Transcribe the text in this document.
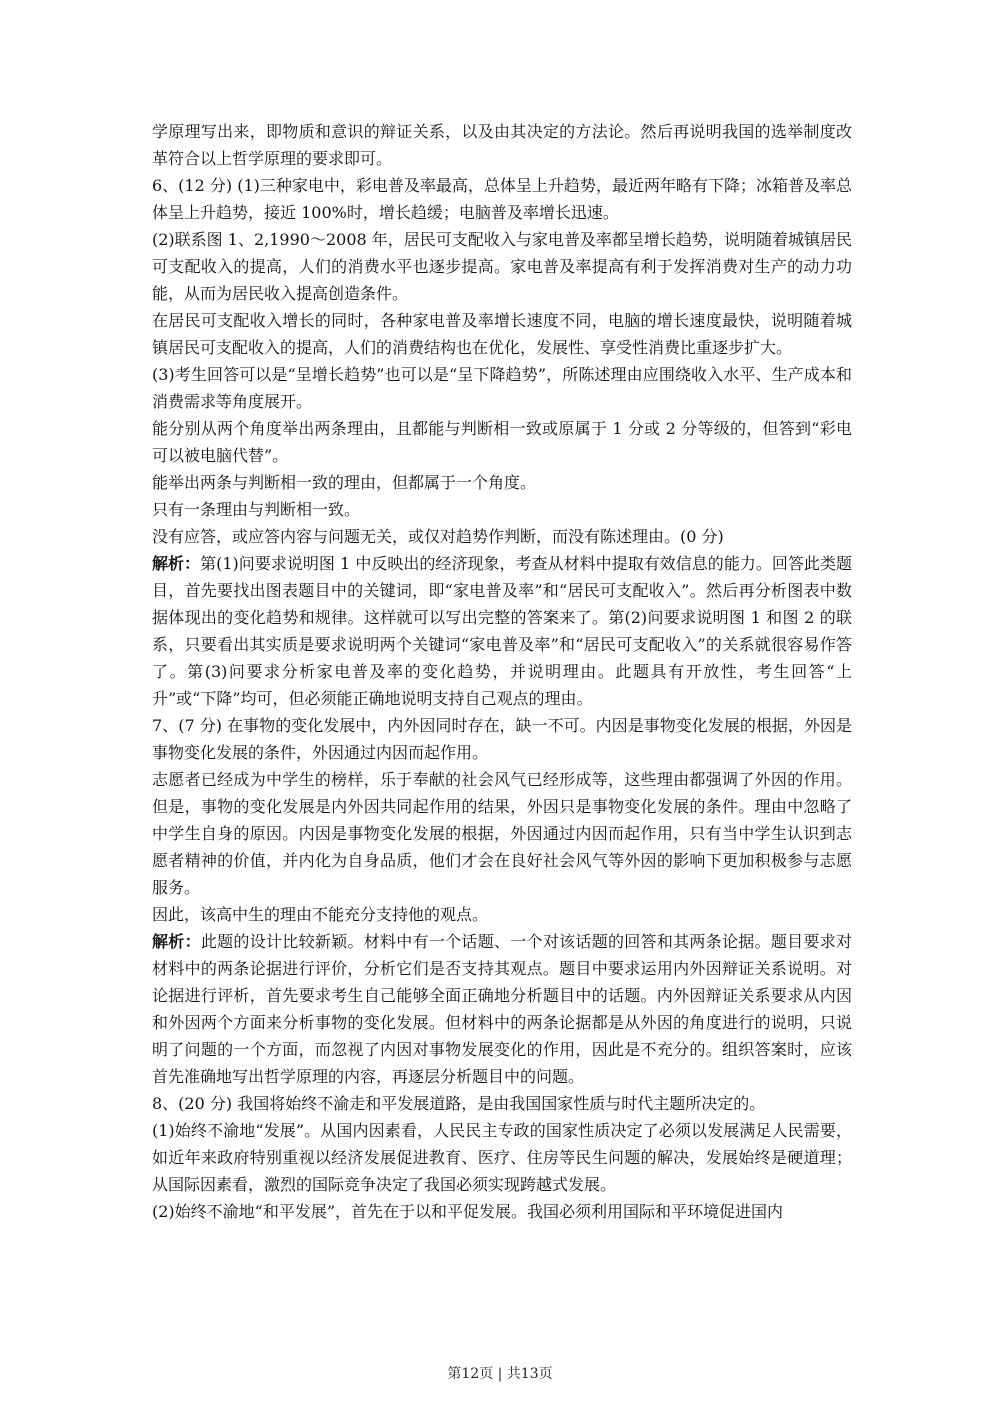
学原理写出来，即物质和意识的辩证关系，以及由其决定的方法论。然后再说明我国的选举制度改革符合以上哲学原理的要求即可。

6、(12 分) (1)三种家电中，彩电普及率最高，总体呈上升趋势，最近两年略有下降；冰箱普及率总体呈上升趋势，接近 100%时，增长趋缓；电脑普及率增长迅速。

(2)联系图 1、2,1990～2008 年，居民可支配收入与家电普及率都呈增长趋势，说明随着城镇居民可支配收入的提高，人们的消费水平也逐步提高。家电普及率提高有利于发挥消费对生产的动力功能，从而为居民收入提高创造条件。

在居民可支配收入增长的同时，各种家电普及率增长速度不同，电脑的增长速度最快，说明随着城镇居民可支配收入的提高，人们的消费结构也在优化，发展性、享受性消费比重逐步扩大。

(3)考生回答可以是“呈增长趋势”也可以是“呈下降趋势”，所陈述理由应围绕收入水平、生产成本和消费需求等角度展开。

能分别从两个角度举出两条理由，且都能与判断相一致或原属于 1 分或 2 分等级的，但答到“彩电可以被电脑代替”。

能举出两条与判断相一致的理由，但都属于一个角度。

只有一条理由与判断相一致。

没有应答，或应答内容与问题无关，或仅对趋势作判断，而没有陈述理由。(0 分)

解析：第(1)问要求说明图 1 中反映出的经济现象，考查从材料中提取有效信息的能力。回答此类题目，首先要找出图表题目中的关键词，即“家电普及率”和“居民可支配收入”。然后再分析图表中数据体现出的变化趋势和规律。这样就可以写出完整的答案来了。第(2)问要求说明图 1 和图 2 的联系，只要看出其实质是要求说明两个关键词“家电普及率”和“居民可支配收入”的关系就很容易作答了。第(3)问要求分析家电普及率的变化趋势，并说明理由。此题具有开放性，考生回答“上升”或“下降”均可，但必须能正确地说明支持自己观点的理由。

7、(7 分) 在事物的变化发展中，内外因同时存在，缺一不可。内因是事物变化发展的根据，外因是事物变化发展的条件，外因通过内因而起作用。

志愿者已经成为中学生的榜样，乐于奉献的社会风气已经形成等，这些理由都强调了外因的作用。但是，事物的变化发展是内外因共同起作用的结果，外因只是事物变化发展的条件。理由中忽略了中学生自身的原因。内因是事物变化发展的根据，外因通过内因而起作用，只有当中学生认识到志愿者精神的价值，并内化为自身品质，他们才会在良好社会风气等外因的影响下更加积极参与志愿服务。

因此，该高中生的理由不能充分支持他的观点。

解析：此题的设计比较新颖。材料中有一个话题、一个对该话题的回答和其两条论据。题目要求对材料中的两条论据进行评价，分析它们是否支持其观点。题目中要求运用内外因辩证关系说明。对论据进行评析，首先要求考生自己能够全面正确地分析题目中的话题。内外因辩证关系要求从内因和外因两个方面来分析事物的变化发展。但材料中的两条论据都是从外因的角度进行的说明，只说明了问题的一个方面，而忽视了内因对事物发展变化的作用，因此是不充分的。组织答案时，应该首先准确地写出哲学原理的内容，再逐层分析题目中的问题。

8、(20 分) 我国将始终不渝走和平发展道路，是由我国国家性质与时代主题所决定的。

(1)始终不渝地“发展”。从国内因素看，人民民主专政的国家性质决定了必须以发展满足人民需要，如近年来政府特别重视以经济发展促进教育、医疗、住房等民生问题的解决，发展始终是硬道理；从国际因素看，激烈的国际竞争决定了我国必须实现跨越式发展。

(2)始终不渝地“和平发展”，首先在于以和平促发展。我国必须利用国际和平环境促进国内

第12页 | 共13页
